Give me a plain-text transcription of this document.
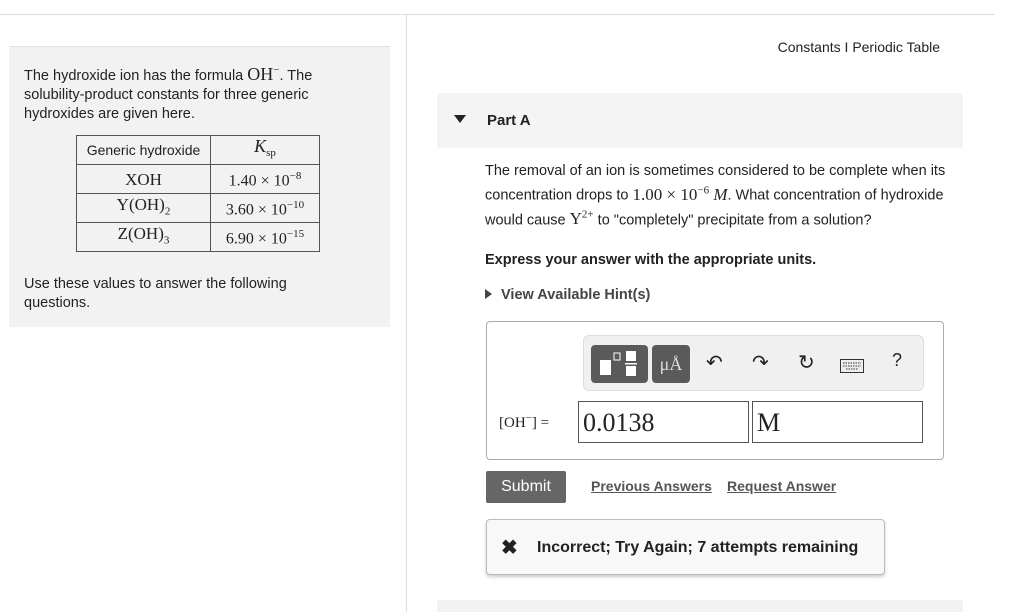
The hydroxide ion has the formula OH−. The solubility-product constants for three generic hydroxides are given here.
Generic hydroxide	$K_{sp}$
XOH	$1.40 \times 10^{-8}$
$Y(OH)_2$	$3.60 \times 10^{-10}$
$Z(OH)_3$	$6.90 \times 10^{-15}$
Use these values to answer the following questions.
Constants I Periodic Table
Part A
The removal of an ion is sometimes considered to be complete when its concentration drops to $1.00 \times 10^{-6}$ M. What concentration of hydroxide would cause $Y^{2+}$ to "completely" precipitate from a solution?
Express your answer with the appropriate units.
View Available Hint(s)
μÅ	↶ ↷ ↻	?
[OH−] = 0.0138	M
Submit	Previous Answers Request Answer
✖ Incorrect; Try Again; 7 attempts remaining
